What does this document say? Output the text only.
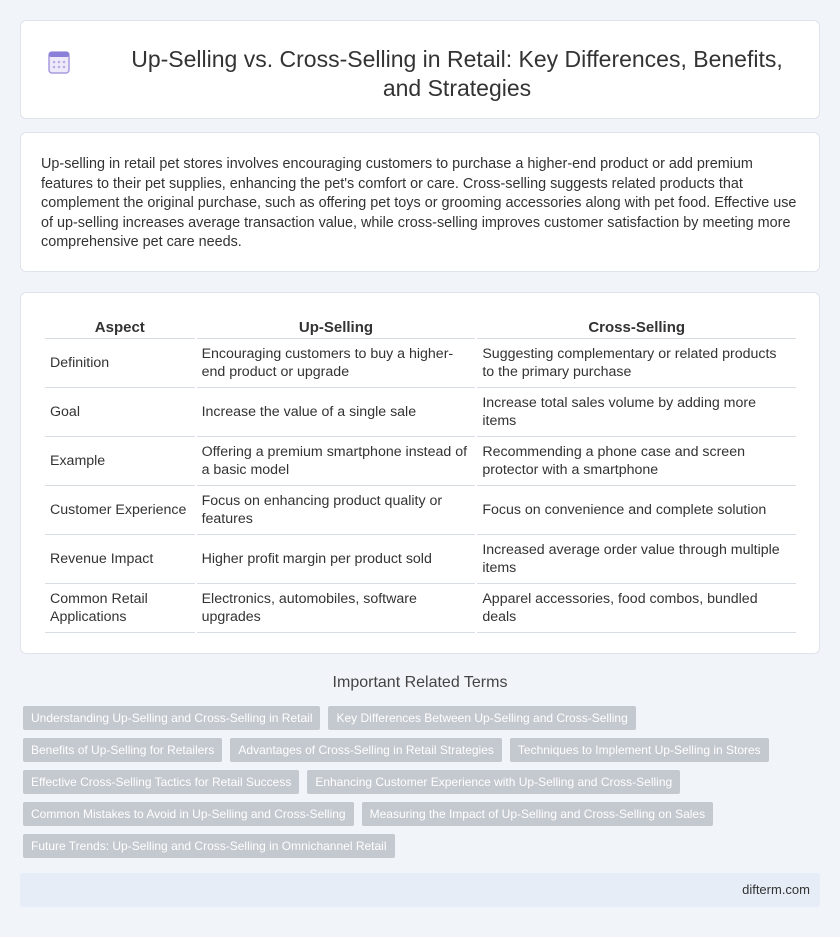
Up-Selling vs. Cross-Selling in Retail: Key Differences, Benefits, and Strategies

Up-selling in retail pet stores involves encouraging customers to purchase a higher-end product or add premium features to their pet supplies, enhancing the pet's comfort or care. Cross-selling suggests related products that complement the original purchase, such as offering pet toys or grooming accessories along with pet food. Effective use of up-selling increases average transaction value, while cross-selling improves customer satisfaction by meeting more comprehensive pet care needs.

Aspect	Up-Selling	Cross-Selling
Definition	Encouraging customers to buy a higher-end product or upgrade	Suggesting complementary or related products to the primary purchase
Goal	Increase the value of a single sale	Increase total sales volume by adding more items
Example	Offering a premium smartphone instead of a basic model	Recommending a phone case and screen protector with a smartphone
Customer Experience	Focus on enhancing product quality or features	Focus on convenience and complete solution
Revenue Impact	Higher profit margin per product sold	Increased average order value through multiple items
Common Retail Applications	Electronics, automobiles, software upgrades	Apparel accessories, food combos, bundled deals
Important Related Terms
Understanding Up-Selling and Cross-Selling in Retail	Key Differences Between Up-Selling and Cross-Selling
Benefits of Up-Selling for Retailers	Advantages of Cross-Selling in Retail Strategies	Techniques to Implement Up-Selling in Stores
Effective Cross-Selling Tactics for Retail Success	Enhancing Customer Experience with Up-Selling and Cross-Selling
Common Mistakes to Avoid in Up-Selling and Cross-Selling	Measuring the Impact of Up-Selling and Cross-Selling on Sales
Future Trends: Up-Selling and Cross-Selling in Omnichannel Retail
difterm.com
